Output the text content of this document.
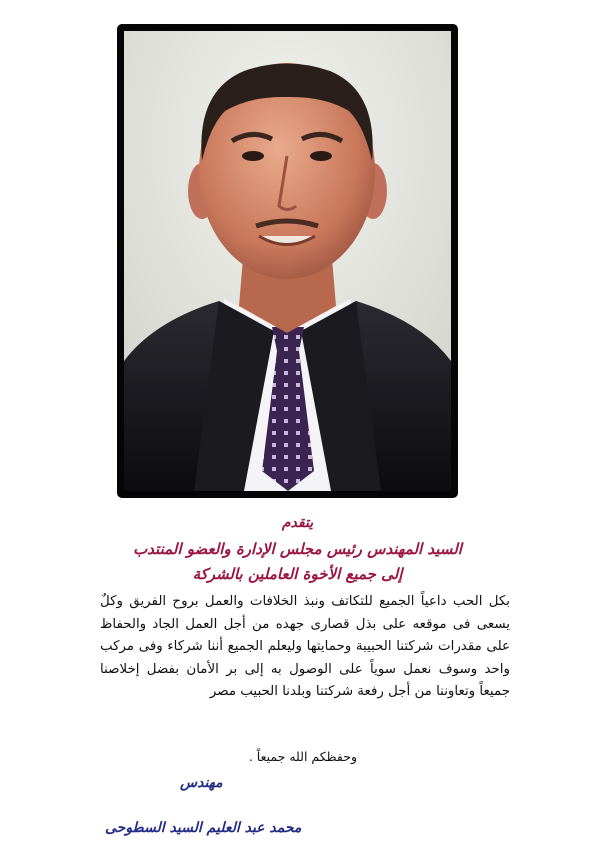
يتقدم
السيد المهندس رئيس مجلس الإدارة والعضو المنتدب
إلى جميع الأخوة العاملين بالشركة
بكل الحب داعياً الجميع للتكاتف ونبذ الخلافات والعمل بروح الفريق وكلٌ يسعى فى موقعه على بذل قصارى جهده من أجل العمل الجاد والحفاظ على مقدرات شركتنا الحبيبة وحمايتها وليعلم الجميع أننا شركاء وفى مركب واحد وسوف نعمل سوياً على الوصول به إلى بر الأمان بفضل إخلاصنا جميعاً وتعاوننا من أجل رفعة شركتنا وبلدنا الحبيب مصر
وحفظكم الله جميعاً .
مهندس
محمد عبد العليم السيد السطوحى
